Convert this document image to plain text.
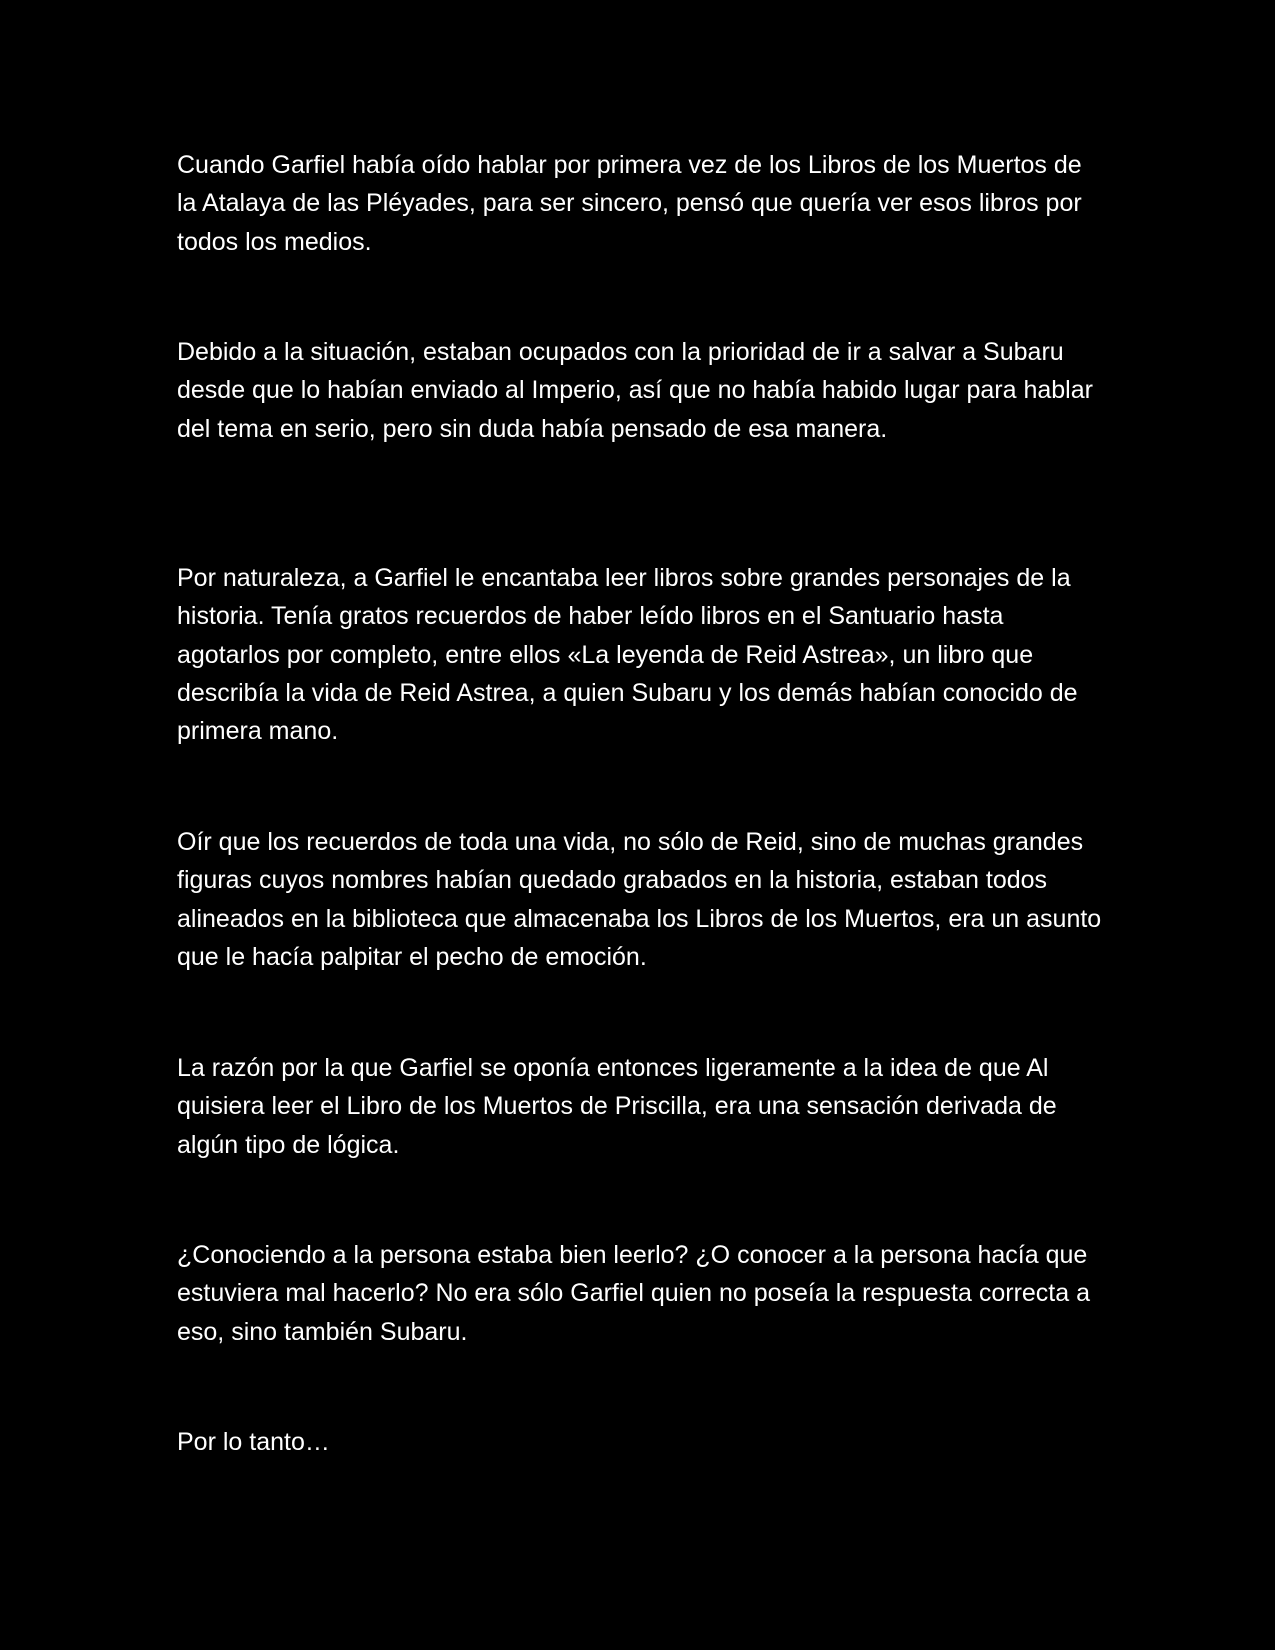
Cuando Garfiel había oído hablar por primera vez de los Libros de los Muertos de la Atalaya de las Pléyades, para ser sincero, pensó que quería ver esos libros por todos los medios.

Debido a la situación, estaban ocupados con la prioridad de ir a salvar a Subaru desde que lo habían enviado al Imperio, así que no había habido lugar para hablar del tema en serio, pero sin duda había pensado de esa manera.

Por naturaleza, a Garfiel le encantaba leer libros sobre grandes personajes de la historia. Tenía gratos recuerdos de haber leído libros en el Santuario hasta agotarlos por completo, entre ellos «La leyenda de Reid Astrea», un libro que describía la vida de Reid Astrea, a quien Subaru y los demás habían conocido de primera mano.

Oír que los recuerdos de toda una vida, no sólo de Reid, sino de muchas grandes figuras cuyos nombres habían quedado grabados en la historia, estaban todos alineados en la biblioteca que almacenaba los Libros de los Muertos, era un asunto que le hacía palpitar el pecho de emoción.

La razón por la que Garfiel se oponía entonces ligeramente a la idea de que Al quisiera leer el Libro de los Muertos de Priscilla, era una sensación derivada de algún tipo de lógica.

¿Conociendo a la persona estaba bien leerlo? ¿O conocer a la persona hacía que estuviera mal hacerlo? No era sólo Garfiel quien no poseía la respuesta correcta a eso, sino también Subaru.

Por lo tanto…
